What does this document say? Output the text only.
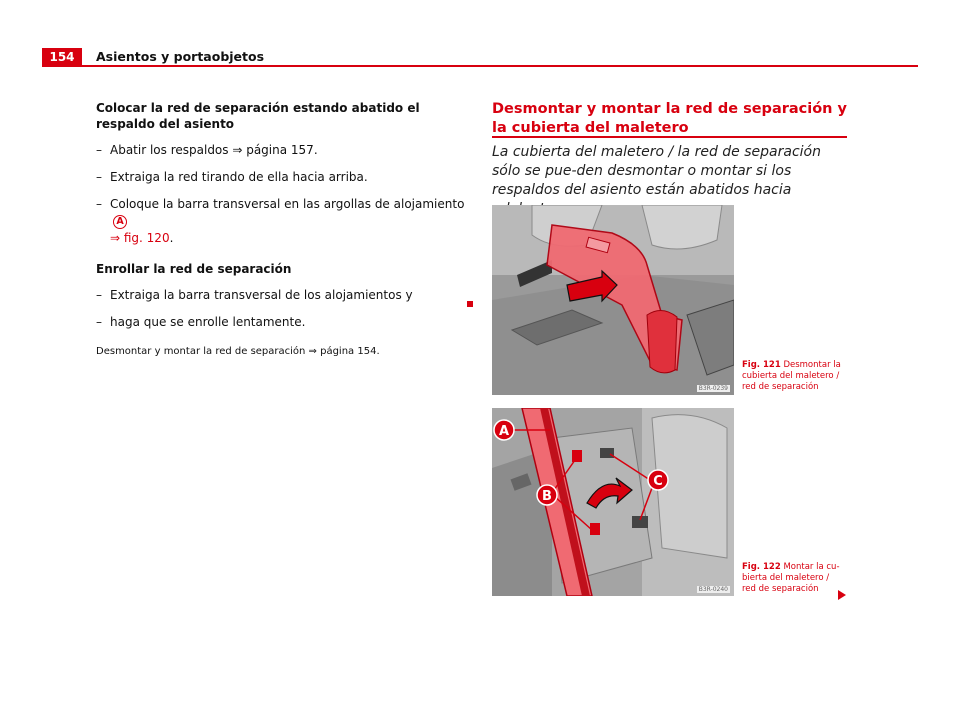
154	Asientos y portaobjetos
Colocar la red de separación estando abatido el respaldo del asiento
– Abatir los respaldos ⇒ página 157.
– Extraiga la red tirando de ella hacia arriba.
– Coloque la barra transversal en las argollas de alojamientoA
⇒ fig. 120.
Enrollar la red de separación
– Extraiga la barra transversal de los alojamientos y
– haga que se enrolle lentamente.
Desmontar y montar la red de separación ⇒ página 154.
Desmontar y montar la red de separación y la cubierta del maletero
La cubierta del maletero / la red de separación sólo se pue-den desmontar o montar si los respaldos del asiento están abatidos hacia
B3R-0239
Fig. 121 Desmontar la cubierta del maletero / red de separación
A
B
C
B3R-0240
Fig. 122 Montar la cu-bierta del maletero / red de separación
